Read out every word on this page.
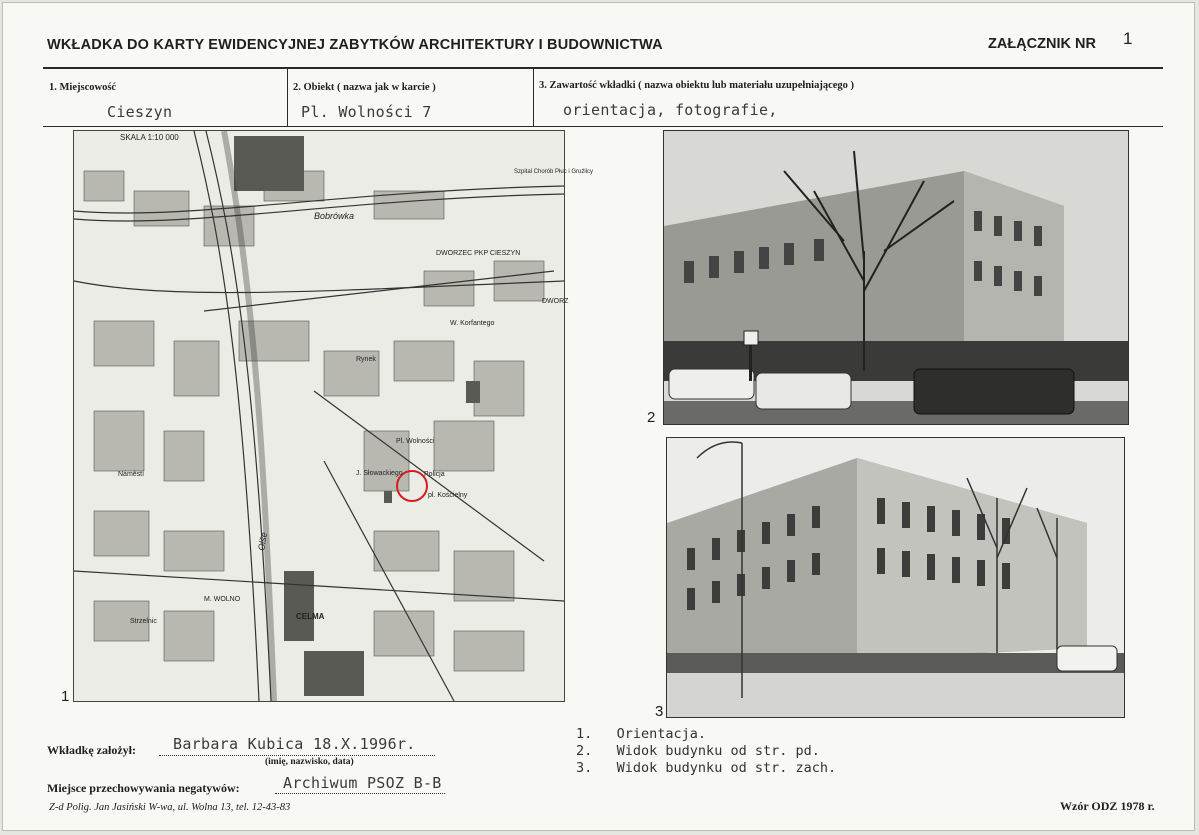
WKŁADKA DO KARTY EWIDENCYJNEJ ZABYTKÓW ARCHITEKTURY I BUDOWNICTWA	ZAŁĄCZNIK NR 1
1. Miejscowość
Cieszyn
2. Obiekt ( nazwa jak w karcie )
Pl. Wolności 7
3. Zawartość wkładki ( nazwa obiektu lub materiału uzupełniającego )
orientacja, fotografie,
SKALA 1:10 000
Bobrówka
DWORZEC PKP CIESZYN
Pl. Wolności
J. Słowackiego
pl. Kościelny
W. Korfantego
Rynek
Strzelnic
M. WOLNO
CELMA
Policja
Szpital Chorób Płuc i Gruźlicy
DWORZ
Náměstí
Olše
1
2
3
1. Orientacja.
2. Widok budynku od str. pd.
3. Widok budynku od str. zach.
Wkładkę założył: Barbara Kubica 18.X.1996r.
(imię, nazwisko, data)
Miejsce przechowywania negatywów:	Archiwum PSOZ B-B
Z-d Polig. Jan Jasiński W-wa, ul. Wolna 13, tel. 12-43-83	Wzór ODZ 1978 r.
